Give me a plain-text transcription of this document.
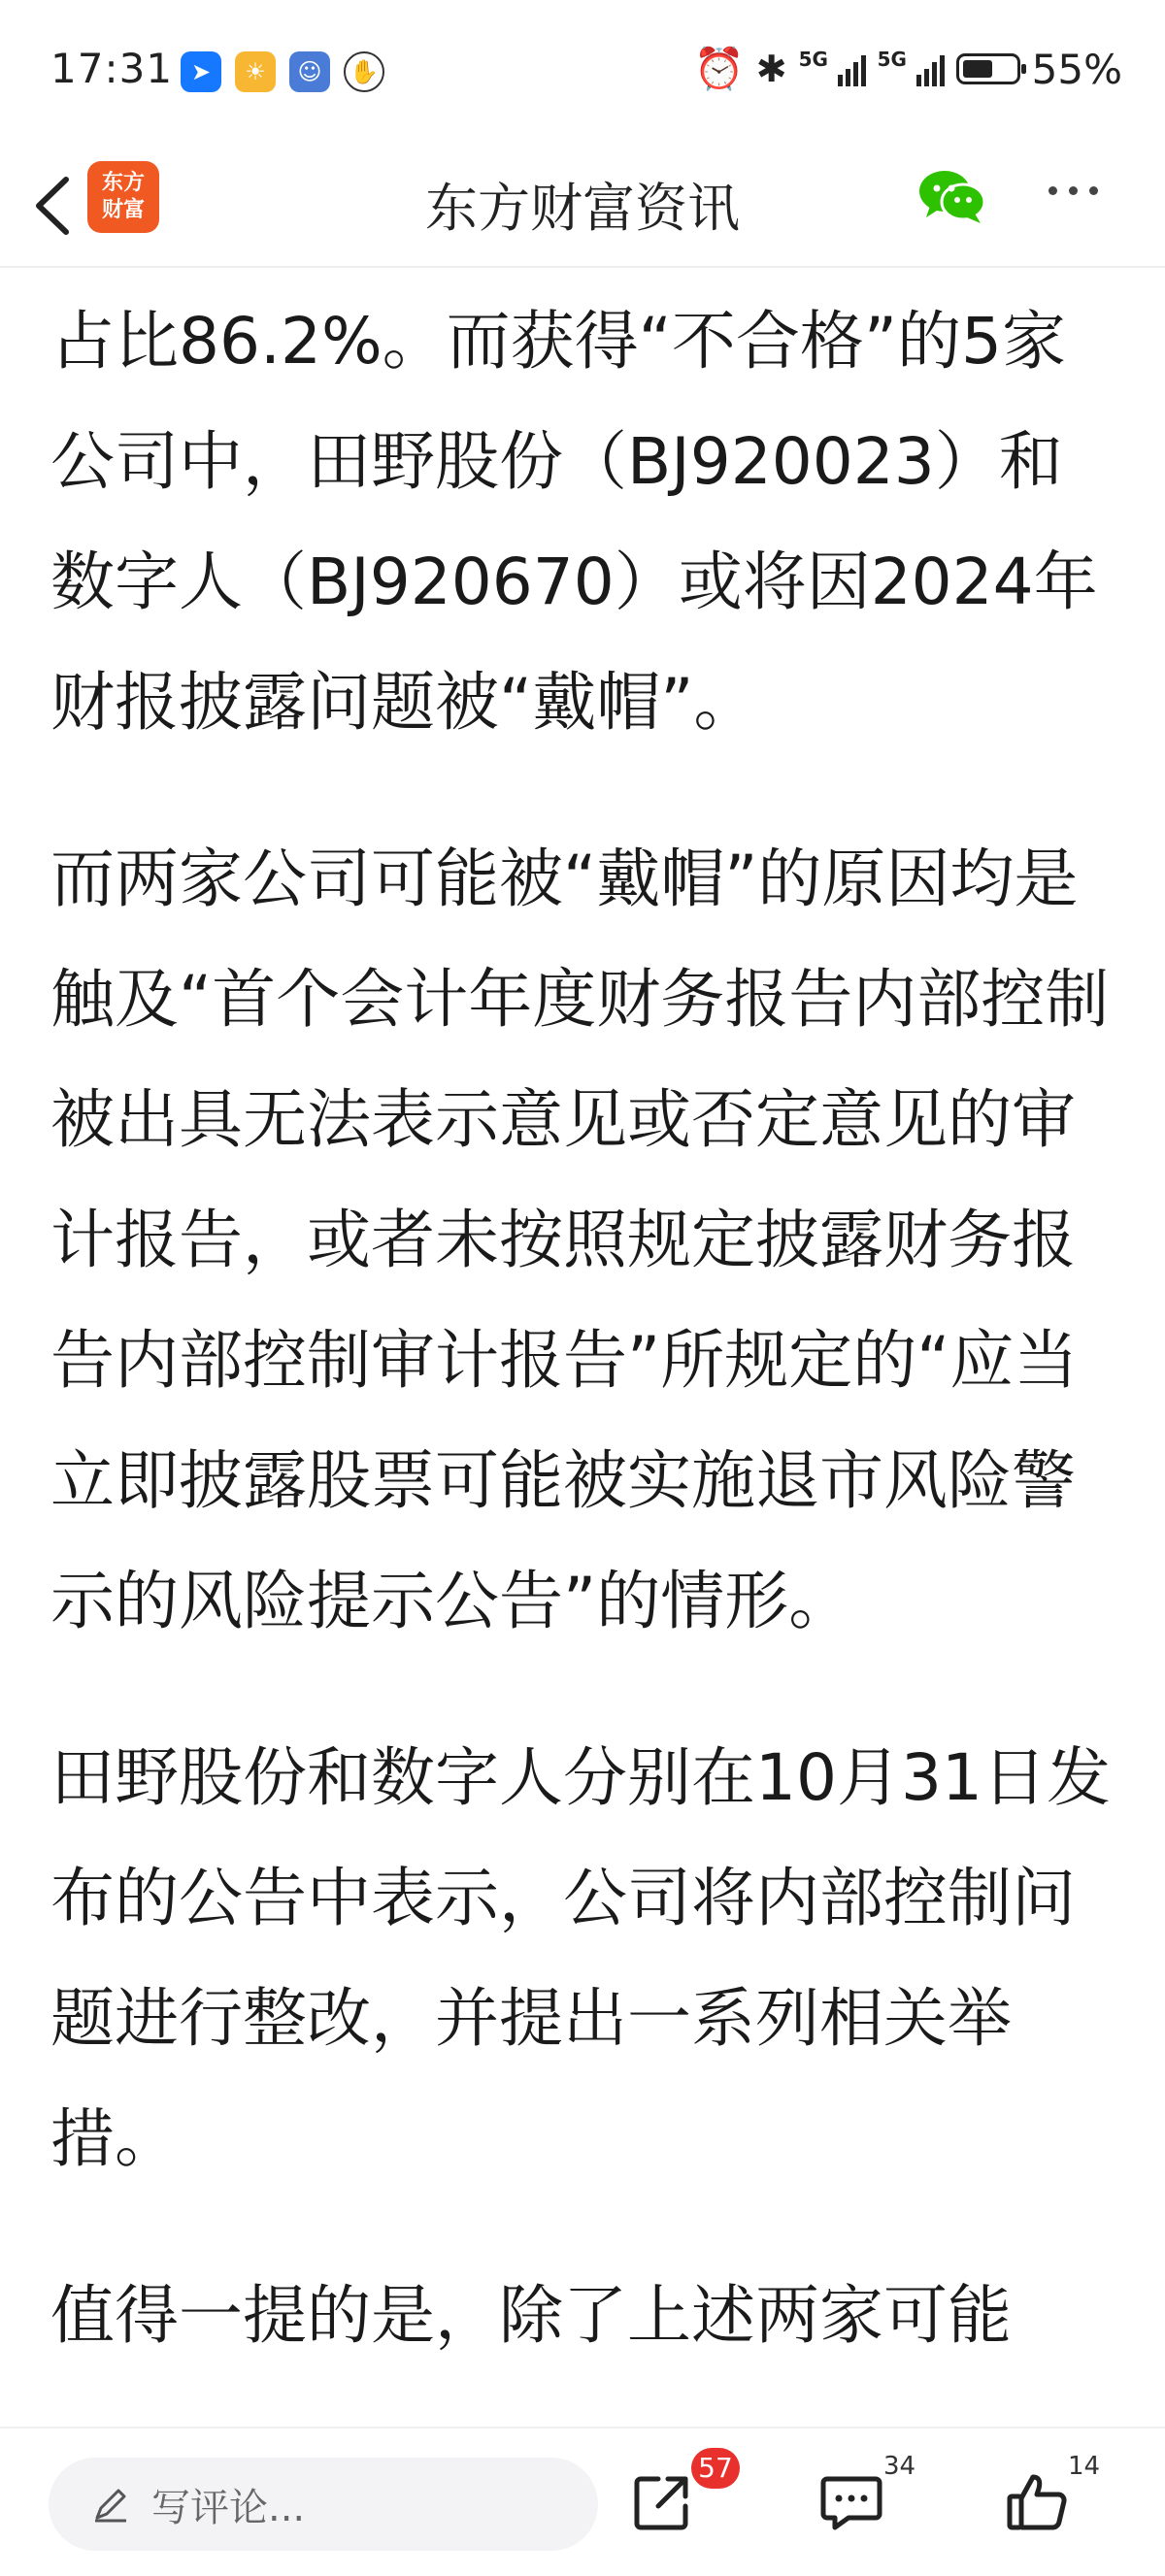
17:31 ➤	☀	☺	✋	⏰ ✱ 5G	5G	55%
东方
财富	东方财富资讯

占比86.2%。而获得“不合格”的5家公司中，田野股份（BJ920023）和数字人（BJ920670）或将因2024年财报披露问题被“戴帽”。

而两家公司可能被“戴帽”的原因均是触及“首个会计年度财务报告内部控制被出具无法表示意见或否定意见的审计报告，或者未按照规定披露财务报告内部控制审计报告”所规定的“应当立即披露股票可能被实施退市风险警示的风险提示公告”的情形。

田野股份和数字人分别在10月31日发布的公告中表示，公司将内部控制问题进行整改，并提出一系列相关举措。

值得一提的是，除了上述两家可能

写评论...
57	34	14
